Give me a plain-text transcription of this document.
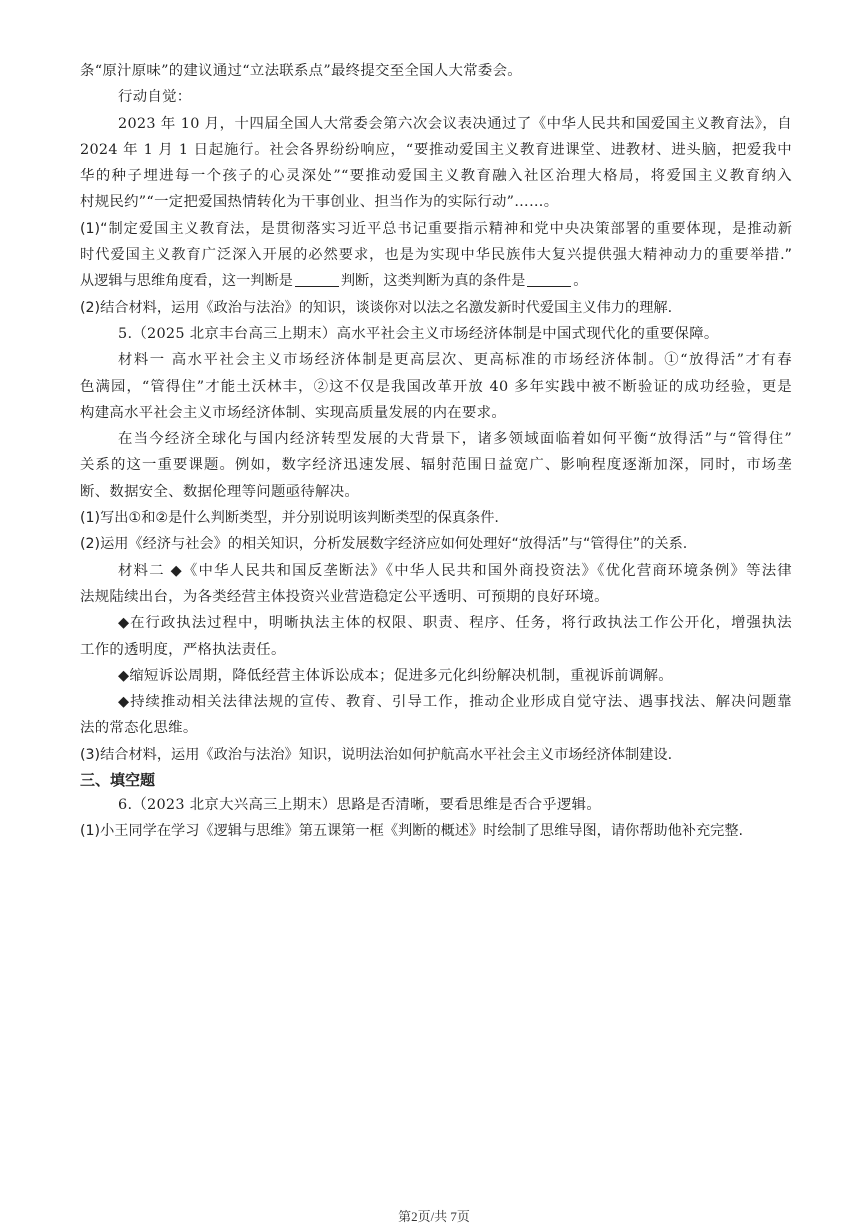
条“原汁原味”的建议通过“立法联系点”最终提交至全国人大常委会。
行动自觉：
2023 年 10 月，十四届全国人大常委会第六次会议表决通过了《中华人民共和国爱国主义教育法》，自
2024 年 1 月 1 日起施行。社会各界纷纷响应，“要推动爱国主义教育进课堂、进教材、进头脑，把爱我中
华的种子埋进每一个孩子的心灵深处”“要推动爱国主义教育融入社区治理大格局，将爱国主义教育纳入
村规民约”“一定把爱国热情转化为干事创业、担当作为的实际行动”……。
(1)“制定爱国主义教育法，是贯彻落实习近平总书记重要指示精神和党中央决策部署的重要体现，是推动新
时代爱国主义教育广泛深入开展的必然要求，也是为实现中华民族伟大复兴提供强大精神动力的重要举措.”
从逻辑与思维角度看，这一判断是	判断，这类判断为真的条件是	。
(2)结合材料，运用《政治与法治》的知识，谈谈你对以法之名激发新时代爱国主义伟力的理解.
5.（2025 北京丰台高三上期末）高水平社会主义市场经济体制是中国式现代化的重要保障。
材料一 高水平社会主义市场经济体制是更高层次、更高标准的市场经济体制。①“放得活”才有春
色满园，“管得住”才能土沃林丰，②这不仅是我国改革开放 40 多年实践中被不断验证的成功经验，更是
构建高水平社会主义市场经济体制、实现高质量发展的内在要求。
在当今经济全球化与国内经济转型发展的大背景下，诸多领域面临着如何平衡“放得活”与“管得住”
关系的这一重要课题。例如，数字经济迅速发展、辐射范围日益宽广、影响程度逐渐加深，同时，市场垄
断、数据安全、数据伦理等问题亟待解决。
(1)写出①和②是什么判断类型，并分别说明该判断类型的保真条件.
(2)运用《经济与社会》的相关知识，分析发展数字经济应如何处理好“放得活”与“管得住”的关系.
材料二 ◆《中华人民共和国反垄断法》《中华人民共和国外商投资法》《优化营商环境条例》等法律
法规陆续出台，为各类经营主体投资兴业营造稳定公平透明、可预期的良好环境。
◆在行政执法过程中，明晰执法主体的权限、职责、程序、任务，将行政执法工作公开化，增强执法
工作的透明度，严格执法责任。
◆缩短诉讼周期，降低经营主体诉讼成本；促进多元化纠纷解决机制，重视诉前调解。
◆持续推动相关法律法规的宣传、教育、引导工作，推动企业形成自觉守法、遇事找法、解决问题靠
法的常态化思维。
(3)结合材料，运用《政治与法治》知识，说明法治如何护航高水平社会主义市场经济体制建设.
三、填空题
6.（2023 北京大兴高三上期末）思路是否清晰，要看思维是否合乎逻辑。
(1)小王同学在学习《逻辑与思维》第五课第一框《判断的概述》时绘制了思维导图，请你帮助他补充完整.
第2页/共 7页
